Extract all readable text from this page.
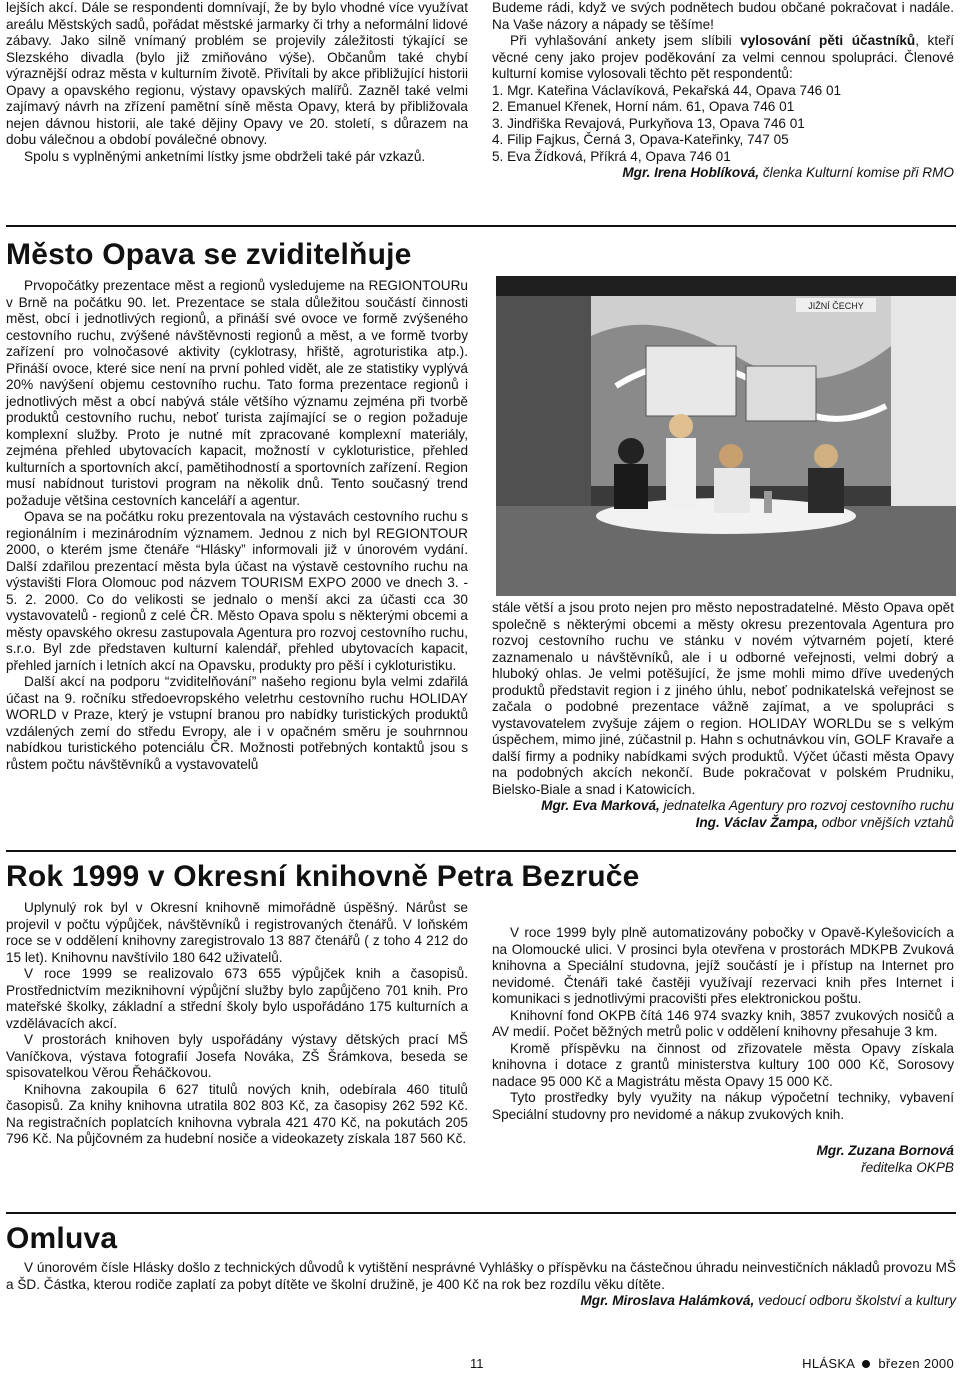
lejších akcí. Dále se respondenti domnívají, že by bylo vhodné více využívat areálu Městských sadů, pořádat městské jarmarky či trhy a neformální lidové zábavy. Jako silně vnímaný problém se projevily záležitosti týkající se Slezského divadla (bylo již zmiňováno výše). Občanům také chybí výraznější odraz města v kulturním životě. Přivítali by akce přibližující historii Opavy a opavského regionu, výstavy opavských malířů. Zazněl také velmi zajímavý návrh na zřízení pamětní síně města Opavy, která by přibližovala nejen dávnou historii, ale také dějiny Opavy ve 20. století, s důrazem na dobu válečnou a období poválečné obnovy.

Spolu s vyplněnými anketními lístky jsme obdrželi také pár vzkazů.

Budeme rádi, když ve svých podnětech budou občané pokračovat i nadále. Na Vaše názory a nápady se těšíme!

Při vyhlašování ankety jsem slíbili vylosování pěti účastníků, kteří věcné ceny jako projev poděkování za velmi cennou spolupráci. Členové kulturní komise vylosovali těchto pět respondentů:

1. Mgr. Kateřina Václavíková, Pekařská 44, Opava 746 01
2. Emanuel Křenek, Horní nám. 61, Opava 746 01
3. Jindřiška Revajová, Purkyňova 13, Opava 746 01
4. Filip Fajkus, Černá 3, Opava-Kateřinky, 747 05
5. Eva Žídková, Příkrá 4, Opava 746 01

Mgr. Irena Hoblíková, členka Kulturní komise při RMO

Město Opava se zviditelňuje

Prvopočátky prezentace měst a regionů vysledujeme na REGIONTOURu v Brně na počátku 90. let. Prezentace se stala důležitou součástí činnosti měst, obcí i jednotlivých regionů, a přináší své ovoce ve formě zvýšeného cestovního ruchu, zvýšené návštěvnosti regionů a měst, a ve formě tvorby zařízení pro volnočasové aktivity (cyklotrasy, hřiště, agroturistika atp.). Přináší ovoce, které sice není na první pohled vidět, ale ze statistiky vyplývá 20% navýšení objemu cestovního ruchu. Tato forma prezentace regionů i jednotlivých měst a obcí nabývá stále většího významu zejména při tvorbě produktů cestovního ruchu, neboť turista zajímající se o region požaduje komplexní služby. Proto je nutné mít zpracované komplexní materiály, zejména přehled ubytovacích kapacit, možností v cykloturistice, přehled kulturních a sportovních akcí, pamětihodností a sportovních zařízení. Region musí nabídnout turistovi program na několik dnů. Tento současný trend požaduje většina cestovních kanceláří a agentur.

Opava se na počátku roku prezentovala na výstavách cestovního ruchu s regionálním i mezinárodním významem. Jednou z nich byl REGIONTOUR 2000, o kterém jsme čtenáře “Hlásky” informovali již v únorovém vydání. Další zdařilou prezentací města byla účast na výstavě cestovního ruchu na výstavišti Flora Olomouc pod názvem TOURISM EXPO 2000 ve dnech 3. - 5. 2. 2000. Co do velikosti se jednalo o menší akci za účasti cca 30 vystavovatelů - regionů z celé ČR. Město Opava spolu s některými obcemi a městy opavského okresu zastupovala Agentura pro rozvoj cestovního ruchu, s.r.o. Byl zde představen kulturní kalendář, přehled ubytovacích kapacit, přehled jarních i letních akcí na Opavsku, produkty pro pěší i cykloturistiku.

Další akcí na podporu “zviditelňování” našeho regionu byla velmi zdařilá účast na 9. ročníku středoevropského veletrhu cestovního ruchu HOLIDAY WORLD v Praze, který je vstupní branou pro nabídky turistických produktů vzdálených zemí do středu Evropy, ale i v opačném směru je souhrnnou nabídkou turistického potenciálu ČR. Možnosti potřebných kontaktů jsou s růstem počtu návštěvníků a vystavovatelů

JIŽNÍ ČECHY

stále větší a jsou proto nejen pro město nepostradatelné. Město Opava opět společně s některými obcemi a městy okresu prezentovala Agentura pro rozvoj cestovního ruchu ve stánku v novém výtvarném pojetí, které zaznamenalo u návštěvníků, ale i u odborné veřejnosti, velmi dobrý a hluboký ohlas. Je velmi potěšující, že jsme mohli mimo dříve uvedených produktů představit region i z jiného úhlu, neboť podnikatelská veřejnost se začala o podobné prezentace vážně zajímat, a ve spolupráci s vystavovatelem zvyšuje zájem o region. HOLIDAY WORLDu se s velkým úspěchem, mimo jiné, zúčastnil p. Hahn s ochutnávkou vín, GOLF Kravaře a další firmy a podniky nabídkami svých produktů. Výčet účasti města Opavy na podobných akcích nekončí. Bude pokračovat v polském Prudniku, Bielsko-Biale a snad i Katowicích.

Mgr. Eva Marková, jednatelka Agentury pro rozvoj cestovního ruchu

Ing. Václav Žampa, odbor vnějších vztahů

Rok 1999 v Okresní knihovně Petra Bezruče

Uplynulý rok byl v Okresní knihovně mimořádně úspěšný. Nárůst se projevil v počtu výpůjček, návštěvníků i registrovaných čtenářů. V loňském roce se v oddělení knihovny zaregistrovalo 13 887 čtenářů ( z toho 4 212 do 15 let). Knihovnu navštívilo 180 642 uživatelů.

V roce 1999 se realizovalo 673 655 výpůjček knih a časopisů. Prostřednictvím meziknihovní výpůjční služby bylo zapůjčeno 701 knih. Pro mateřské školky, základní a střední školy bylo uspořádáno 175 kulturních a vzdělávacích akcí.

V prostorách knihoven byly uspořádány výstavy dětských prací MŠ Vaníčkova, výstava fotografií Josefa Nováka, ZŠ Šrámkova, beseda se spisovatelkou Věrou Řeháčkovou.

Knihovna zakoupila 6 627 titulů nových knih, odebírala 460 titulů časopisů. Za knihy knihovna utratila 802 803 Kč, za časopisy 262 592 Kč. Na registračních poplatcích knihovna vybrala 421 470 Kč, na pokutách 205 796 Kč. Na půjčovném za hudební nosiče a videokazety získala 187 560 Kč.

V roce 1999 byly plně automatizovány pobočky v Opavě-Kylešovicích a na Olomoucké ulici. V prosinci byla otevřena v prostorách MDKPB Zvuková knihovna a Speciální studovna, jejíž součástí je i přístup na Internet pro nevidomé. Čtenáři také častěji využívají rezervaci knih přes Internet i komunikaci s jednotlivými pracovišti přes elektronickou poštu.

Knihovní fond OKPB čítá 146 974 svazky knih, 3857 zvukových nosičů a AV medií. Počet běžných metrů polic v oddělení knihovny přesahuje 3 km.

Kromě příspěvku na činnost od zřizovatele města Opavy získala knihovna i dotace z grantů ministerstva kultury 100 000 Kč, Sorosovy nadace 95 000 Kč a Magistrátu města Opavy 15 000 Kč.

Tyto prostředky byly využity na nákup výpočetní techniky, vybavení Speciální studovny pro nevidomé a nákup zvukových knih.

Mgr. Zuzana Bornová

ředitelka OKPB

Omluva

V únorovém čísle Hlásky došlo z technických důvodů k vytištění nesprávné Vyhlášky o příspěvku na částečnou úhradu neinvestičních nákladů provozu MŠ a ŠD. Částka, kterou rodiče zaplatí za pobyt dítěte ve školní družině, je 400 Kč na rok bez rozdílu věku dítěte.

Mgr. Miroslava Halámková, vedoucí odboru školství a kultury

11	HLÁSKA březen 2000
